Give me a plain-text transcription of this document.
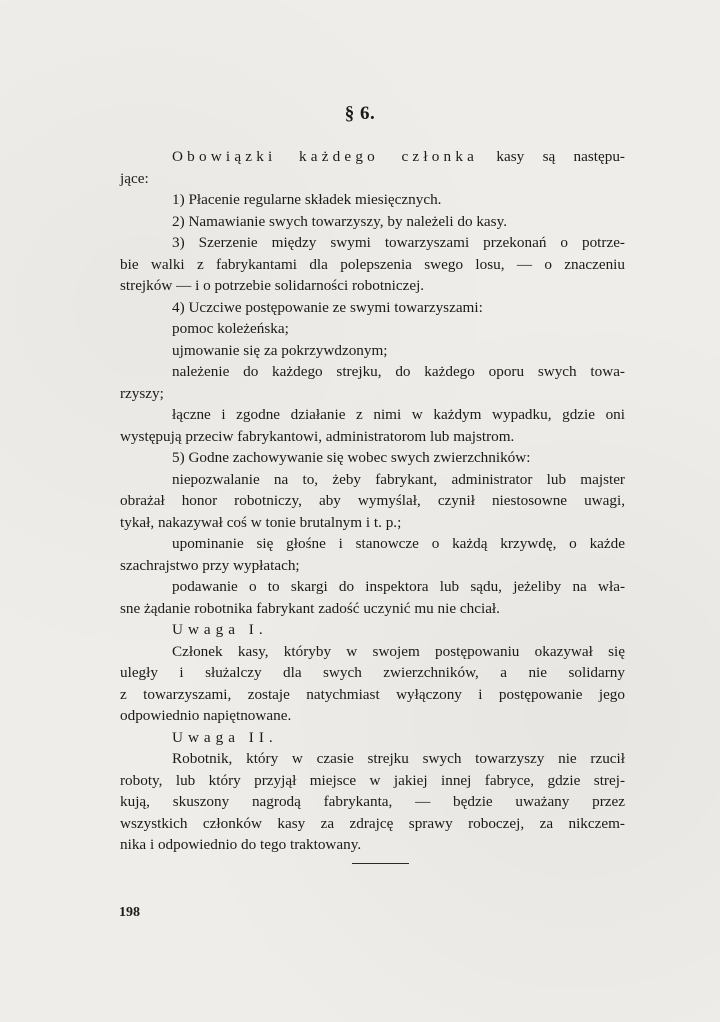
§ 6.
Obowiązki każdego członka kasy są następu-
jące:
1) Płacenie regularne składek miesięcznych.
2) Namawianie swych towarzyszy, by należeli do kasy.
3) Szerzenie między swymi towarzyszami przekonań o potrze-
bie walki z fabrykantami dla polepszenia swego losu, — o znaczeniu
strejków — i o potrzebie solidarności robotniczej.
4) Uczciwe postępowanie ze swymi towarzyszami:
pomoc koleżeńska;
ujmowanie się za pokrzywdzonym;
należenie do każdego strejku, do każdego oporu swych towa-
rzyszy;
łączne i zgodne działanie z nimi w każdym wypadku, gdzie oni
występują przeciw fabrykantowi, administratorom lub majstrom.
5) Godne zachowywanie się wobec swych zwierzchników:
niepozwalanie na to, żeby fabrykant, administrator lub majster
obrażał honor robotniczy, aby wymyślał, czynił niestosowne uwagi,
tykał, nakazywał coś w tonie brutalnym i t. p.;
upominanie się głośne i stanowcze o każdą krzywdę, o każde
szachrajstwo przy wypłatach;
podawanie o to skargi do inspektora lub sądu, jeżeliby na wła-
sne żądanie robotnika fabrykant zadość uczynić mu nie chciał.
Uwaga I.
Członek kasy, któryby w swojem postępowaniu okazywał się
uległy i służalczy dla swych zwierzchników, a nie solidarny
z towarzyszami, zostaje natychmiast wyłączony i postępowanie jego
odpowiednio napiętnowane.
Uwaga II.
Robotnik, który w czasie strejku swych towarzyszy nie rzucił
roboty, lub który przyjął miejsce w jakiej innej fabryce, gdzie strej-
kują, skuszony nagrodą fabrykanta, — będzie uważany przez
wszystkich członków kasy za zdrajcę sprawy roboczej, za nikczem-
nika i odpowiednio do tego traktowany.
198
